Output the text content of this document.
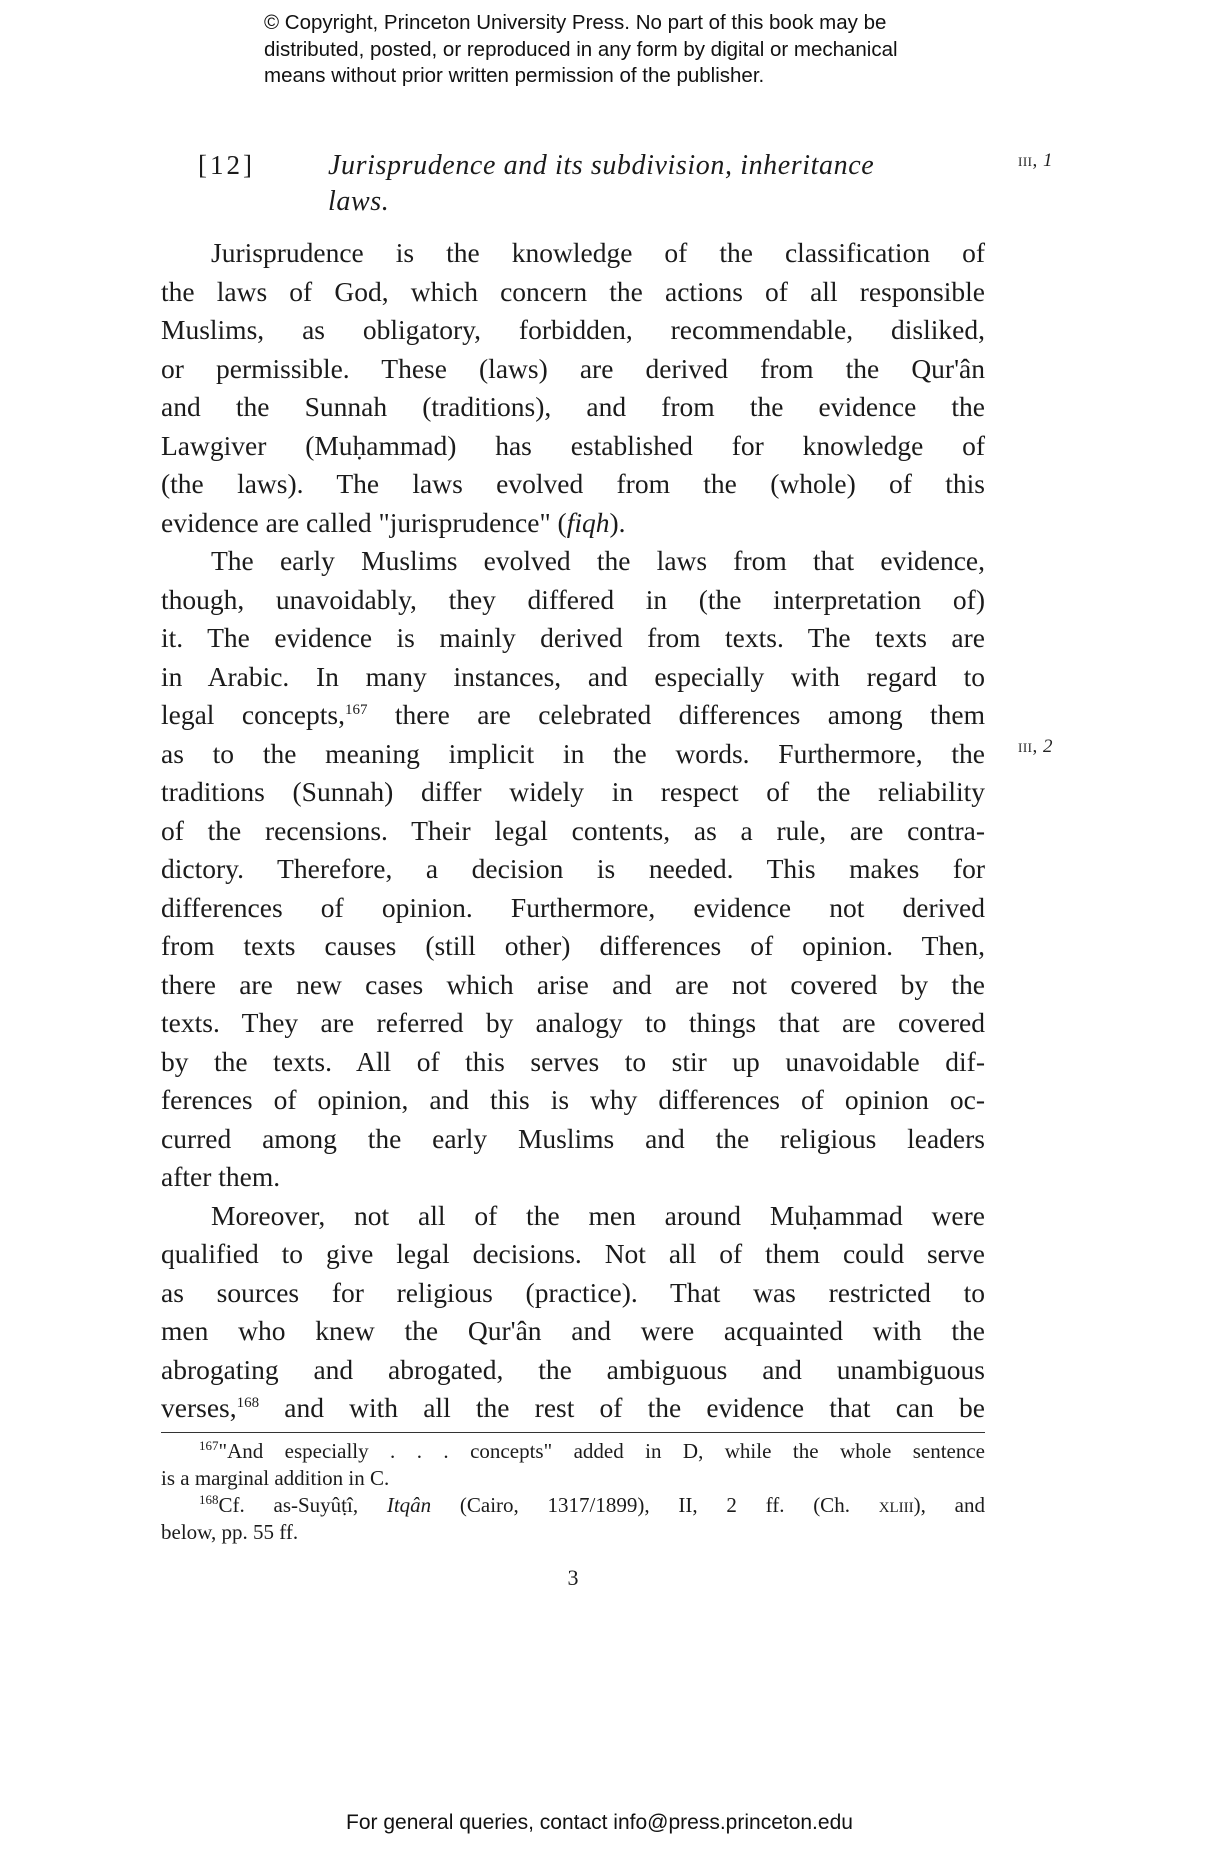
© Copyright, Princeton University Press. No part of this book may be
distributed, posted, or reproduced in any form by digital or mechanical
means without prior written permission of the publisher.
[12]	Jurisprudence and its subdivision, inheritance
laws.
iii, 1
iii, 2
Jurisprudence is the knowledge of the classification of
the laws of God, which concern the actions of all responsible
Muslims, as obligatory, forbidden, recommendable, disliked,
or permissible. These (laws) are derived from the Qur'ân
and the Sunnah (traditions), and from the evidence the
Lawgiver (Muḥammad) has established for knowledge of
(the laws). The laws evolved from the (whole) of this
evidence are called "jurisprudence" (fiqh).
The early Muslims evolved the laws from that evidence,
though, unavoidably, they differed in (the interpretation of)
it. The evidence is mainly derived from texts. The texts are
in Arabic. In many instances, and especially with regard to
legal concepts,$^{167}$ there are celebrated differences among them
as to the meaning implicit in the words. Furthermore, the
traditions (Sunnah) differ widely in respect of the reliability
of the recensions. Their legal contents, as a rule, are contra-
dictory. Therefore, a decision is needed. This makes for
differences of opinion. Furthermore, evidence not derived
from texts causes (still other) differences of opinion. Then,
there are new cases which arise and are not covered by the
texts. They are referred by analogy to things that are covered
by the texts. All of this serves to stir up unavoidable dif-
ferences of opinion, and this is why differences of opinion oc-
curred among the early Muslims and the religious leaders
after them.
Moreover, not all of the men around Muḥammad were
qualified to give legal decisions. Not all of them could serve
as sources for religious (practice). That was restricted to
men who knew the Qur'ân and were acquainted with the
abrogating and abrogated, the ambiguous and unambiguous
verses,$^{168}$ and with all the rest of the evidence that can be
$^{167}$"And especially . . . concepts" added in D, while the whole sentence
is a marginal addition in C.
$^{168}$Cf. as-Suyûṭî, Itqân (Cairo, 1317/1899), II, 2 ff. (Ch. xliii), and
below, pp. 55 ff.
3
For general queries, contact info@press.princeton.edu
